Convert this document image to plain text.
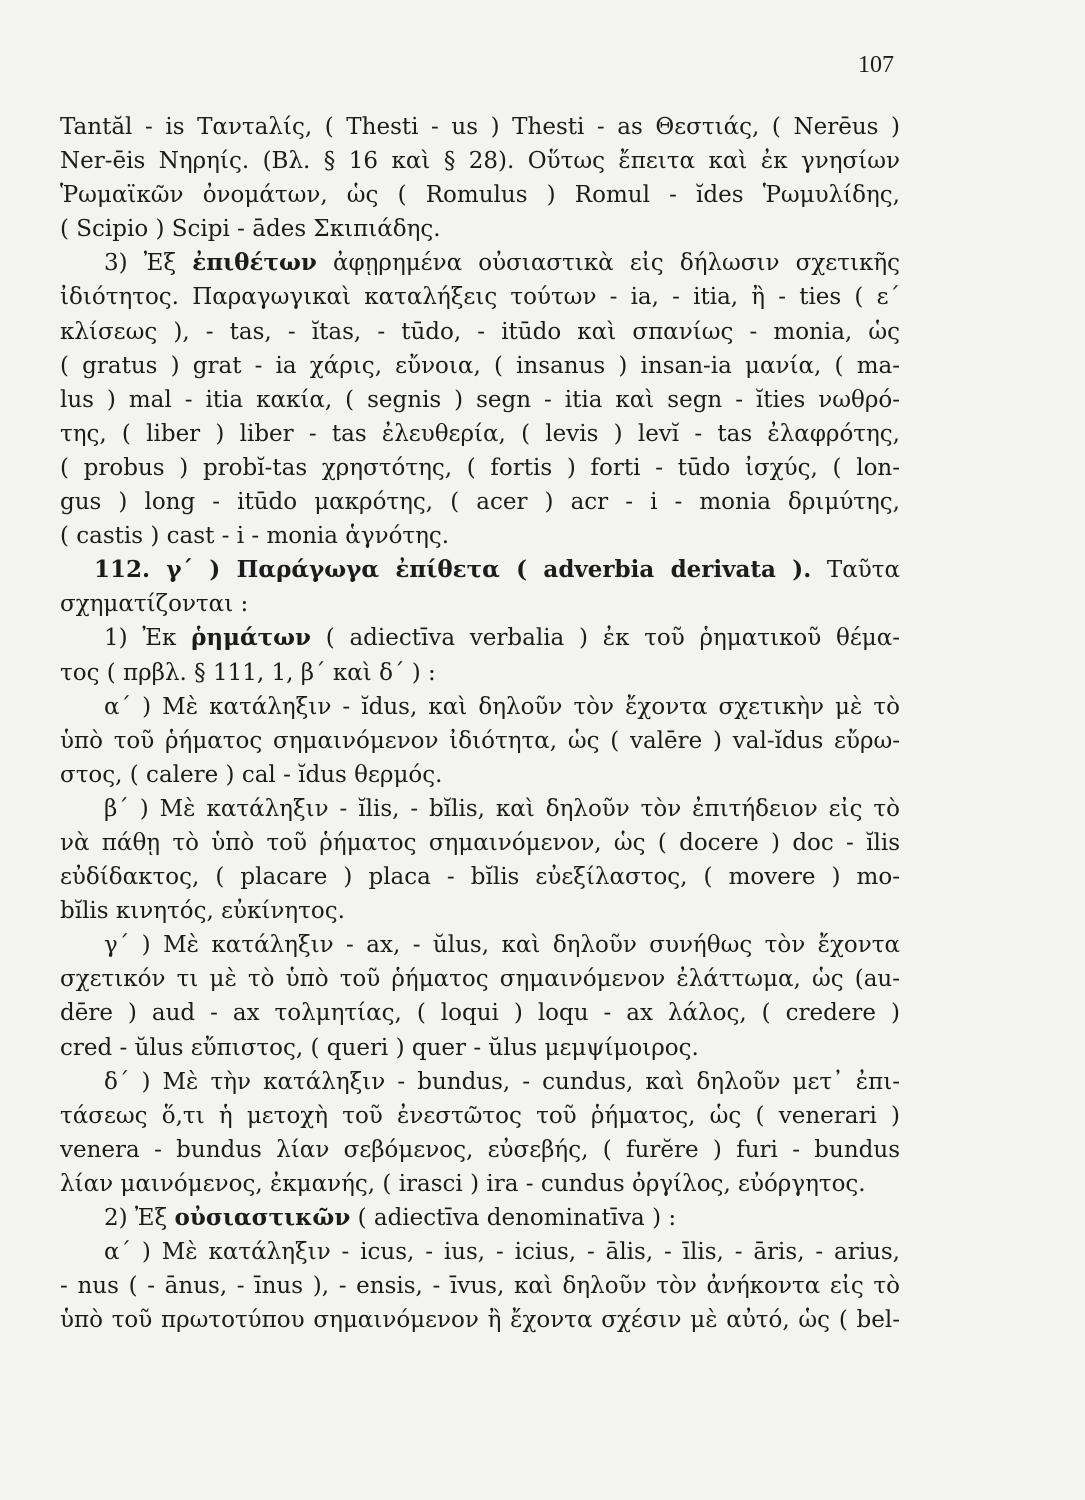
107
Tantăl - is Ταντaλίς, ( Thesti - us ) Thesti - as Θεστιάς, ( Nerēus )
Ner-ēis Νηρηίς. (Βλ. § 16 καὶ § 28). Οὕτως ἔπειτα καὶ ἐκ γνησίων
Ῥωμαϊκῶν ὀνομάτων, ὡς ( Romulus ) Romul - ĭdes Ῥωμυλίδης,
( Scipio ) Scipi - ādes Σκιπιάδης.
3) Ἐξ ἐπιθέτων ἀφῃρημένα οὐσιαστικὰ εἰς δήλωσιν σχετικῆς
ἰδιότητος. Παραγωγικαὶ καταλήξεις τούτων - ia, - itia, ἢ - ties ( ε΄
κλίσεως ), - tas, - ĭtas, - tūdo, - itūdo καὶ σπανίως - monia, ὡς
( gratus ) grat - ia χάρις, εὔνοια, ( insanus ) insan-ia μανία, ( ma-
lus ) mal - itia κακία, ( segnis ) segn - itia καὶ segn - ĭties νωθρό-
της, ( liber ) liber - tas ἐλευθερία, ( levis ) levĭ - tas ἐλαφρότης,
( probus ) probĭ-tas χρηστότης, ( fortis ) forti - tūdo ἰσχύς, ( lon-
gus ) long - itūdo μακρότης, ( acer ) acr - i - monia δριμύτης,
( castis ) cast - i - monia ἁγνότης.
112. γ΄ ) Παράγωγα ἐπίθετα ( adverbia derivata ). Ταῦτα
σχηματίζονται :
1) Ἐκ ῥημάτων ( adiectīva verbalia ) ἐκ τοῦ ῥηματικοῦ θέμα-
τος ( πρβλ. § 111, 1, β΄ καὶ δ΄ ) :
α΄ ) Μὲ κατάληξιν - ĭdus, καὶ δηλοῦν τὸν ἔχοντα σχετικὴν μὲ τὸ
ὑπὸ τοῦ ῥήματος σημαινόμενον ἰδιότητα, ὡς ( valēre ) val-ĭdus εὔρω-
στος, ( calere ) cal - ĭdus θερμός.
β΄ ) Μὲ κατάληξιν - ĭlis, - bĭlis, καὶ δηλοῦν τὸν ἐπιτήδειον εἰς τὸ
νὰ πάθῃ τὸ ὑπὸ τοῦ ῥήματος σημαινόμενον, ὡς ( docere ) doc - ĭlis
εὐδίδακτος, ( placare ) placa - bĭlis εὐεξίλαστος, ( movere ) mo-
bĭlis κινητός, εὐκίνητος.
γ΄ ) Μὲ κατάληξιν - ax, - ŭlus, καὶ δηλοῦν συνήθως τὸν ἔχοντα
σχετικόν τι μὲ τὸ ὑπὸ τοῦ ῥήματος σημαινόμενον ἐλάττωμα, ὡς (au-
dēre ) aud - ax τολμητίας, ( loqui ) loqu - ax λάλος, ( credere )
cred - ŭlus εὔπιστος, ( queri ) quer - ŭlus μεμψίμοιρος.
δ΄ ) Μὲ τὴν κατάληξιν - bundus, - cundus, καὶ δηλοῦν μετ᾽ ἐπι-
τάσεως ὅ,τι ἡ μετοχὴ τοῦ ἐνεστῶτος τοῦ ῥήματος, ὡς ( venerari )
venera - bundus λίαν σεβόμενος, εὐσεβής, ( furĕre ) furi - bundus
λίαν μαινόμενος, ἐκμανής, ( irasci ) ira - cundus ὀργίλος, εὐόργητος.
2) Ἐξ οὐσιαστικῶν ( adiectīva denominatīva ) :
α΄ ) Μὲ κατάληξιν - icus, - ius, - icius, - ālis, - īlis, - āris, - arius,
- nus ( - ānus, - īnus ), - ensis, - īvus, καὶ δηλοῦν τὸν ἀνήκοντα εἰς τὸ
ὑπὸ τοῦ πρωτοτύπου σημαινόμενον ἢ ἔχοντα σχέσιν μὲ αὐτό, ὡς ( bel-
